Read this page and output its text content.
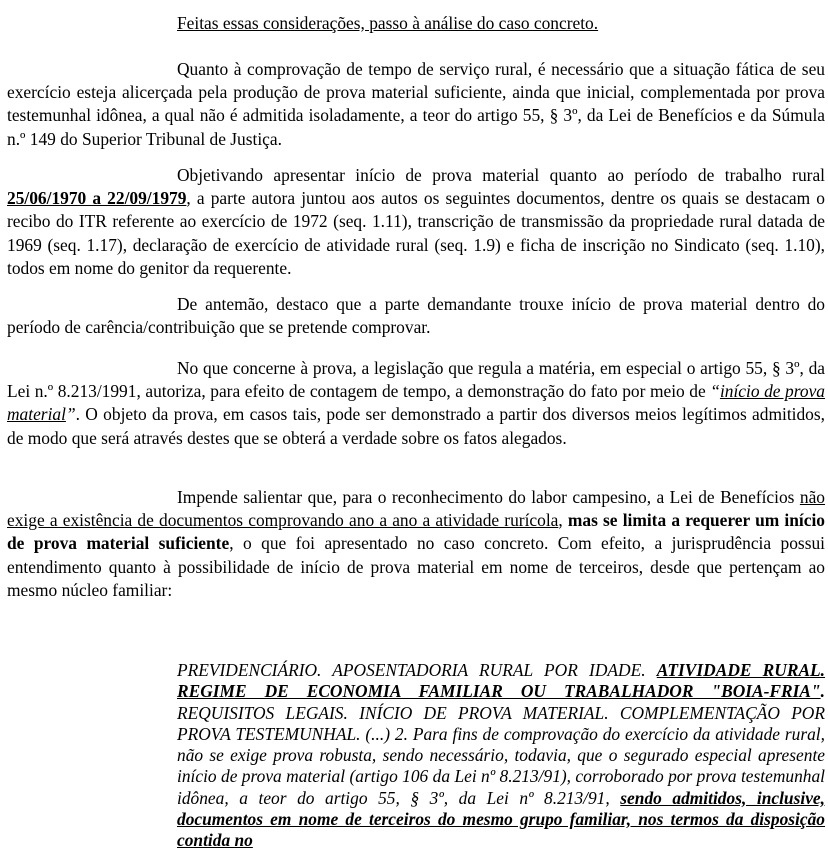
Feitas essas considerações, passo à análise do caso concreto.

Quanto à comprovação de tempo de serviço rural, é necessário que a situação fática de seu exercício esteja alicerçada pela produção de prova material suficiente, ainda que inicial, complementada por prova testemunhal idônea, a qual não é admitida isoladamente, a teor do artigo 55, § 3º, da Lei de Benefícios e da Súmula n.º 149 do Superior Tribunal de Justiça.

Objetivando apresentar início de prova material quanto ao período de trabalho rural 25/06/1970 a 22/09/1979, a parte autora juntou aos autos os seguintes documentos, dentre os quais se destacam o recibo do ITR referente ao exercício de 1972 (seq. 1.11), transcrição de transmissão da propriedade rural datada de 1969 (seq. 1.17), declaração de exercício de atividade rural (seq. 1.9) e ficha de inscrição no Sindicato (seq. 1.10), todos em nome do genitor da requerente.

De antemão, destaco que a parte demandante trouxe início de prova material dentro do período de carência/contribuição que se pretende comprovar.

No que concerne à prova, a legislação que regula a matéria, em especial o artigo 55, § 3º, da Lei n.º 8.213/1991, autoriza, para efeito de contagem de tempo, a demonstração do fato por meio de “início de prova material”. O objeto da prova, em casos tais, pode ser demonstrado a partir dos diversos meios legítimos admitidos, de modo que será através destes que se obterá a verdade sobre os fatos alegados.

Impende salientar que, para o reconhecimento do labor campesino, a Lei de Benefícios não exige a existência de documentos comprovando ano a ano a atividade rurícola, mas se limita a requerer um início de prova material suficiente, o que foi apresentado no caso concreto. Com efeito, a jurisprudência possui entendimento quanto à possibilidade de início de prova material em nome de terceiros, desde que pertençam ao mesmo núcleo familiar:

PREVIDENCIÁRIO. APOSENTADORIA RURAL POR IDADE. ATIVIDADE RURAL. REGIME DE ECONOMIA FAMILIAR OU TRABALHADOR "BOIA-FRIA". REQUISITOS LEGAIS. INÍCIO DE PROVA MATERIAL. COMPLEMENTAÇÃO POR PROVA TESTEMUNHAL. (...) 2. Para fins de comprovação do exercício da atividade rural, não se exige prova robusta, sendo necessário, todavia, que o segurado especial apresente início de prova material (artigo 106 da Lei nº 8.213/91), corroborado por prova testemunhal idônea, a teor do artigo 55, § 3º, da Lei nº 8.213/91, sendo admitidos, inclusive, documentos em nome de terceiros do mesmo grupo familiar, nos termos da disposição contida no
